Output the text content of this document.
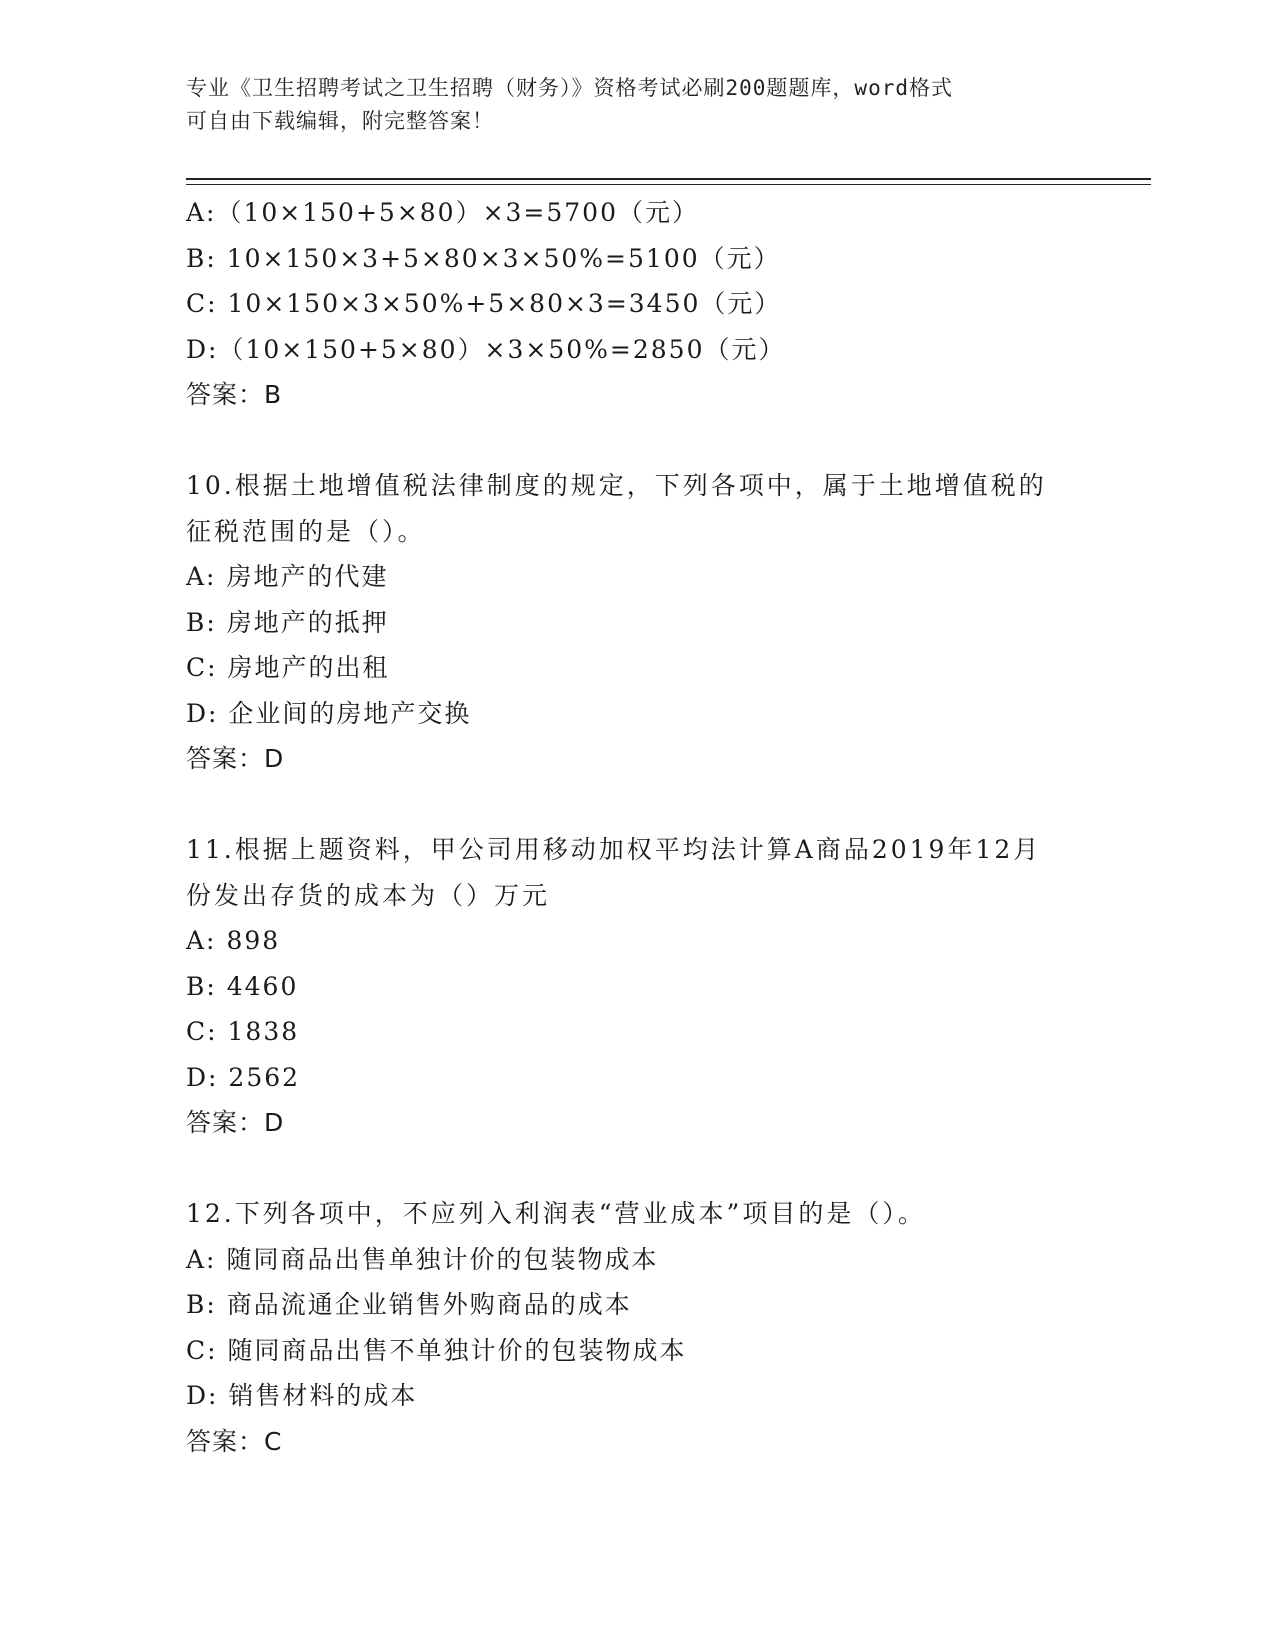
专业《卫生招聘考试之卫生招聘（财务）》资格考试必刷200题题库，word格式
可自由下载编辑，附完整答案！
A:（10×150+5×80）×3=5700（元）
B: 10×150×3+5×80×3×50%=5100（元）
C: 10×150×3×50%+5×80×3=3450（元）
D:（10×150+5×80）×3×50%=2850（元）
答案：B
10.根据土地增值税法律制度的规定，下列各项中，属于土地增值税的
征税范围的是（）。
A: 房地产的代建
B: 房地产的抵押
C: 房地产的出租
D: 企业间的房地产交换
答案：D
11.根据上题资料，甲公司用移动加权平均法计算A商品2019年12月
份发出存货的成本为（）万元
A: 898
B: 4460
C: 1838
D: 2562
答案：D
12.下列各项中，不应列入利润表“营业成本”项目的是（）。
A: 随同商品出售单独计价的包装物成本
B: 商品流通企业销售外购商品的成本
C: 随同商品出售不单独计价的包装物成本
D: 销售材料的成本
答案：C
